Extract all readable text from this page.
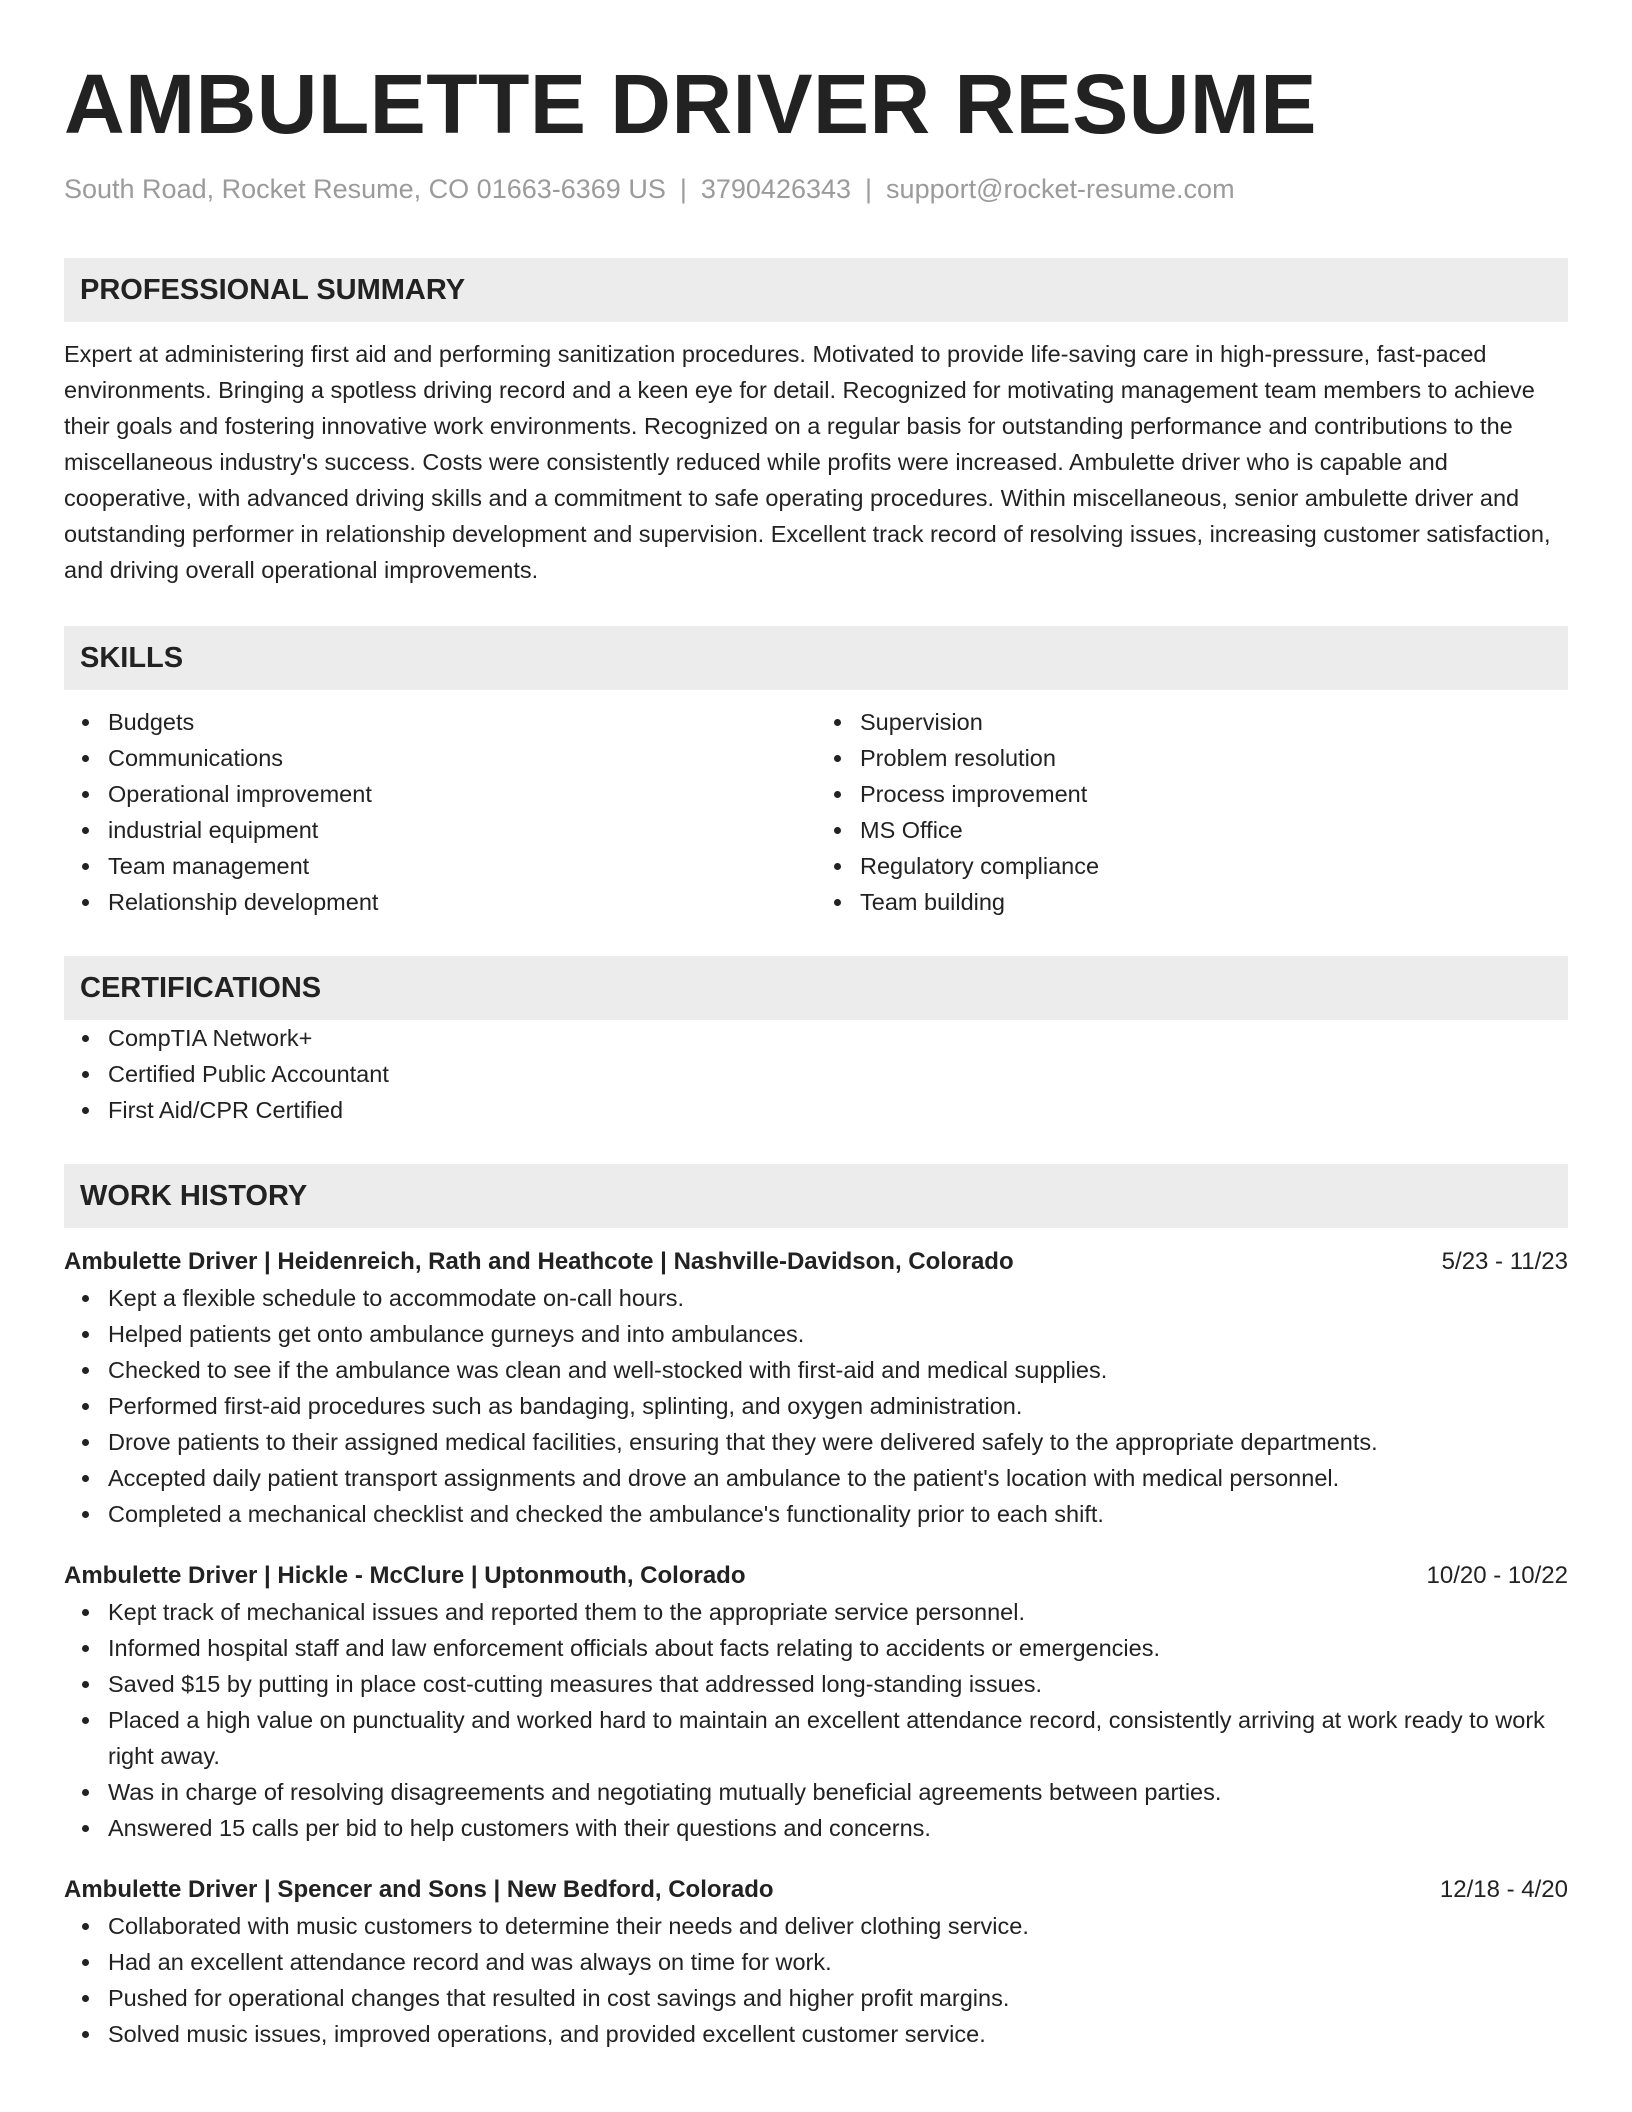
AMBULETTE DRIVER RESUME
South Road, Rocket Resume, CO 01663-6369 US | 3790426343 | support@rocket-resume.com
PROFESSIONAL SUMMARY
Expert at administering first aid and performing sanitization procedures. Motivated to provide life-saving care in high-pressure, fast-paced environments. Bringing a spotless driving record and a keen eye for detail. Recognized for motivating management team members to achieve their goals and fostering innovative work environments. Recognized on a regular basis for outstanding performance and contributions to the miscellaneous industry's success. Costs were consistently reduced while profits were increased. Ambulette driver who is capable and cooperative, with advanced driving skills and a commitment to safe operating procedures. Within miscellaneous, senior ambulette driver and outstanding performer in relationship development and supervision. Excellent track record of resolving issues, increasing customer satisfaction, and driving overall operational improvements.
SKILLS
Budgets
Communications
Operational improvement
industrial equipment
Team management
Relationship development
Supervision
Problem resolution
Process improvement
MS Office
Regulatory compliance
Team building
CERTIFICATIONS
CompTIA Network+
Certified Public Accountant
First Aid/CPR Certified
WORK HISTORY
Ambulette Driver | Heidenreich, Rath and Heathcote | Nashville-Davidson, Colorado	5/23 - 11/23
Kept a flexible schedule to accommodate on-call hours.
Helped patients get onto ambulance gurneys and into ambulances.
Checked to see if the ambulance was clean and well-stocked with first-aid and medical supplies.
Performed first-aid procedures such as bandaging, splinting, and oxygen administration.
Drove patients to their assigned medical facilities, ensuring that they were delivered safely to the appropriate departments.
Accepted daily patient transport assignments and drove an ambulance to the patient's location with medical personnel.
Completed a mechanical checklist and checked the ambulance's functionality prior to each shift.
Ambulette Driver | Hickle - McClure | Uptonmouth, Colorado	10/20 - 10/22
Kept track of mechanical issues and reported them to the appropriate service personnel.
Informed hospital staff and law enforcement officials about facts relating to accidents or emergencies.
Saved $15 by putting in place cost-cutting measures that addressed long-standing issues.
Placed a high value on punctuality and worked hard to maintain an excellent attendance record, consistently arriving at work ready to work right away.
Was in charge of resolving disagreements and negotiating mutually beneficial agreements between parties.
Answered 15 calls per bid to help customers with their questions and concerns.
Ambulette Driver | Spencer and Sons | New Bedford, Colorado	12/18 - 4/20
Collaborated with music customers to determine their needs and deliver clothing service.
Had an excellent attendance record and was always on time for work.
Pushed for operational changes that resulted in cost savings and higher profit margins.
Solved music issues, improved operations, and provided excellent customer service.
